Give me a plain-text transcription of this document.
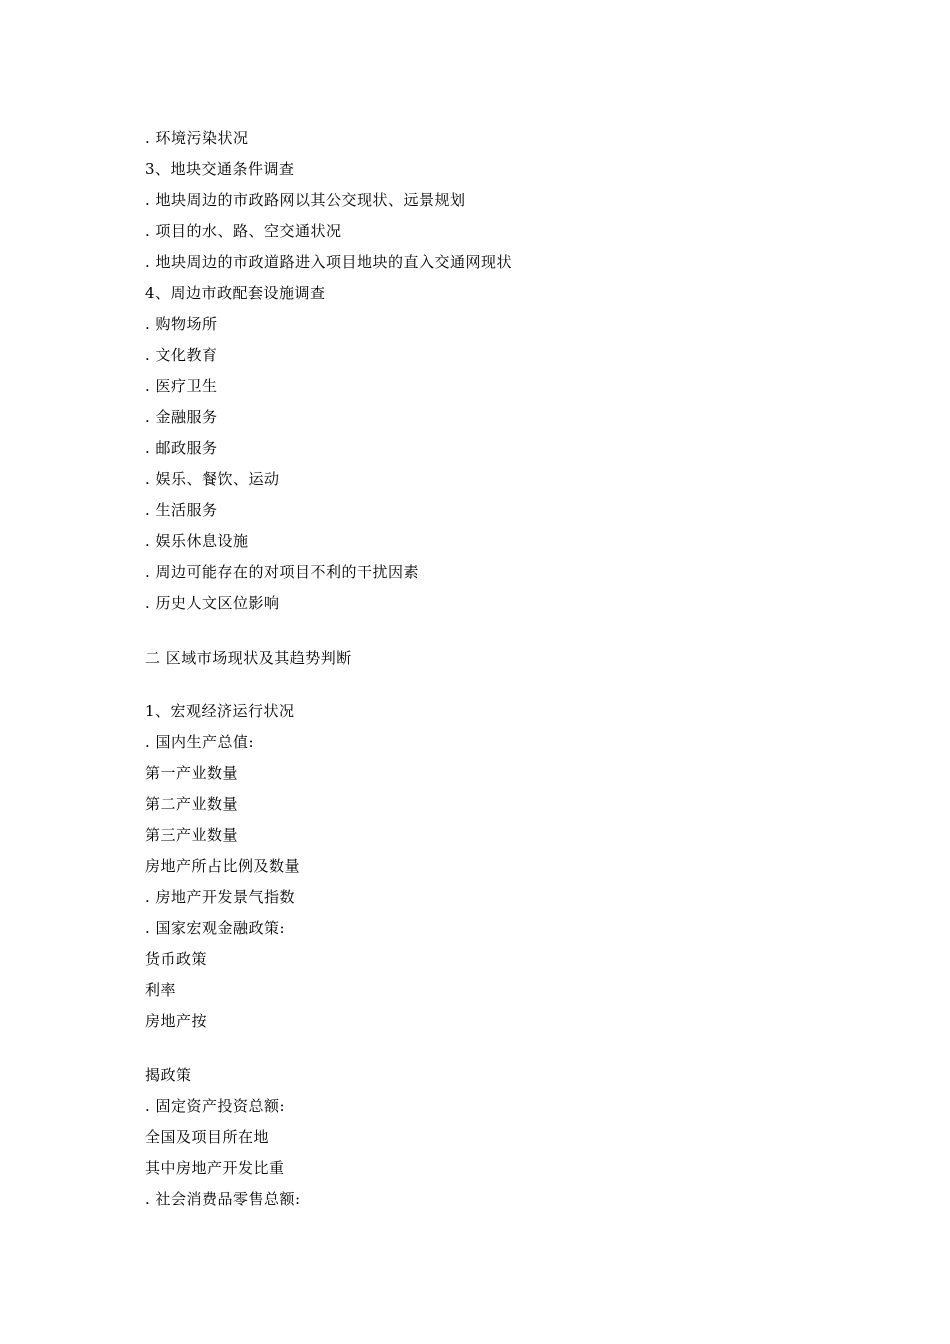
. 环境污染状况
3、地块交通条件调查
. 地块周边的市政路网以其公交现状、远景规划
. 项目的水、路、空交通状况
. 地块周边的市政道路进入项目地块的直入交通网现状
4、周边市政配套设施调查
. 购物场所
. 文化教育
. 医疗卫生
. 金融服务
. 邮政服务
. 娱乐、餐饮、运动
. 生活服务
. 娱乐休息设施
. 周边可能存在的对项目不利的干扰因素
. 历史人文区位影响
二 区域市场现状及其趋势判断
1、宏观经济运行状况
. 国内生产总值:
第一产业数量
第二产业数量
第三产业数量
房地产所占比例及数量
. 房地产开发景气指数
. 国家宏观金融政策:
货币政策
利率
房地产按
揭政策
. 固定资产投资总额:
全国及项目所在地
其中房地产开发比重
. 社会消费品零售总额:
